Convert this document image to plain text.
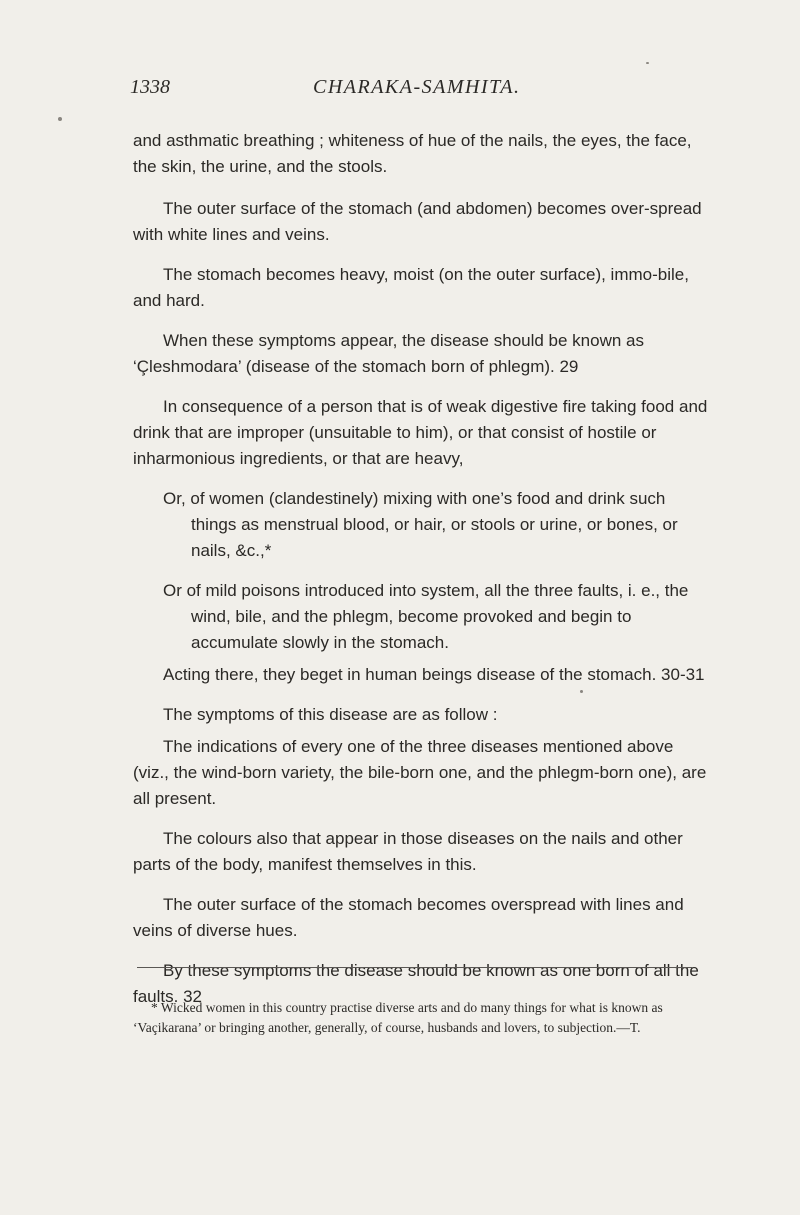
1338	CHARAKA-SAMHITA.

and asthmatic breathing ; whiteness of hue of the nails, the eyes, the face, the skin, the urine, and the stools.

The outer surface of the stomach (and abdomen) becomes over-spread with white lines and veins.

The stomach becomes heavy, moist (on the outer surface), immo-bile, and hard.

When these symptoms appear, the disease should be known as ‘Çleshmodara’ (disease of the stomach born of phlegm). 29

In consequence of a person that is of weak digestive fire taking food and drink that are improper (unsuitable to him), or that consist of hostile or inharmonious ingredients, or that are heavy,

Or, of women (clandestinely) mixing with one’s food and drink such things as menstrual blood, or hair, or stools or urine, or bones, or nails, &c.,*

Or of mild poisons introduced into system, all the three faults, i. e., the wind, bile, and the phlegm, become provoked and begin to accumulate slowly in the stomach.

Acting there, they beget in human beings disease of the stomach. 30-31

The symptoms of this disease are as follow :

The indications of every one of the three diseases mentioned above (viz., the wind-born variety, the bile-born one, and the phlegm-born one), are all present.

The colours also that appear in those diseases on the nails and other parts of the body, manifest themselves in this.

The outer surface of the stomach becomes overspread with lines and veins of diverse hues.

By these symptoms the disease should be known as one born of all the faults. 32

* Wicked women in this country practise diverse arts and do many things for what is known as ‘Vaçikarana’ or bringing another, generally, of course, husbands and lovers, to subjection.—T.
